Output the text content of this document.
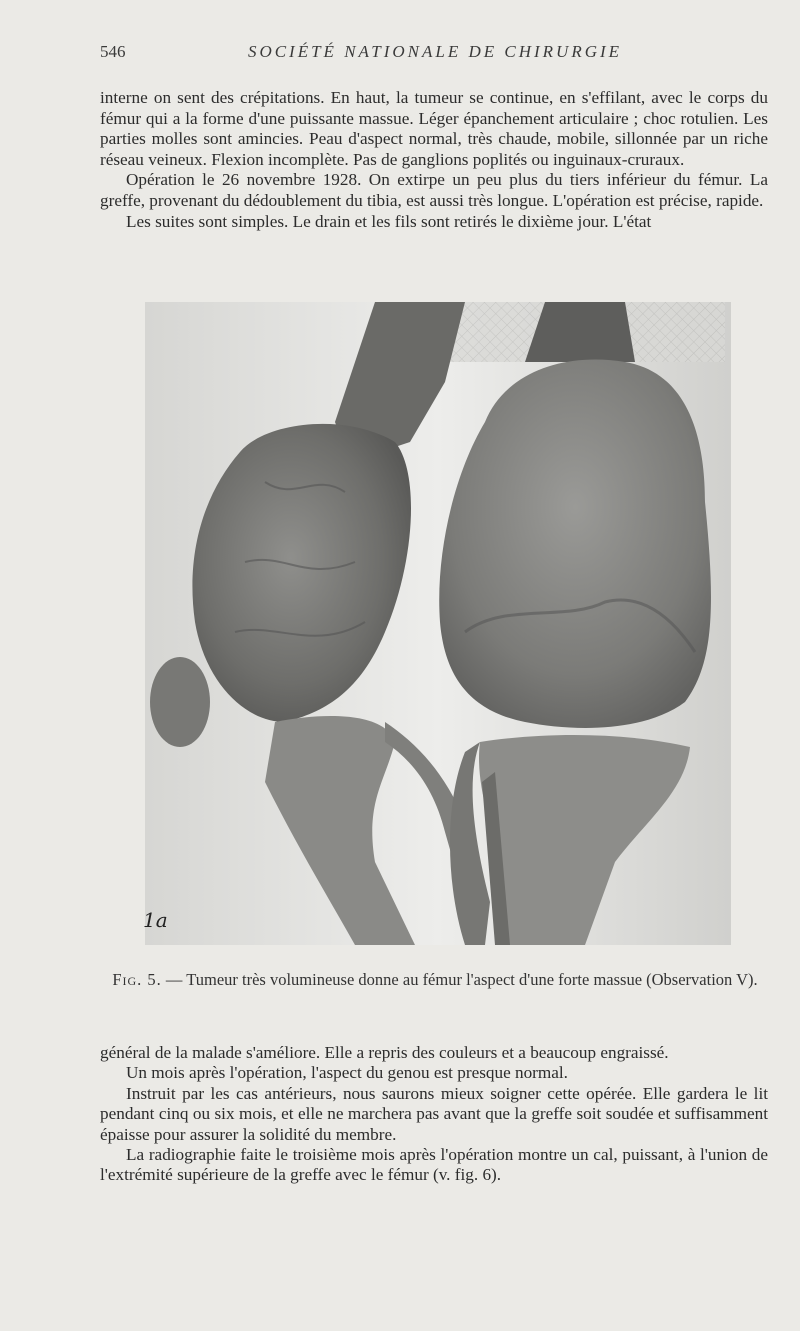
546	SOCIÉTÉ NATIONALE DE CHIRURGIE

interne on sent des crépitations. En haut, la tumeur se continue, en s'effilant, avec le corps du fémur qui a la forme d'une puissante massue. Léger épanchement articulaire ; choc rotulien. Les parties molles sont amincies. Peau d'aspect normal, très chaude, mobile, sillonnée par un riche réseau veineux. Flexion incomplète. Pas de ganglions poplités ou inguinaux-cruraux.

Opération le 26 novembre 1928. On extirpe un peu plus du tiers inférieur du fémur. La greffe, provenant du dédoublement du tibia, est aussi très longue. L'opération est précise, rapide.

Les suites sont simples. Le drain et les fils sont retirés le dixième jour. L'état

1a
Fig. 5. — Tumeur très volumineuse donne au fémur l'aspect d'une forte massue (Observation V).

général de la malade s'améliore. Elle a repris des couleurs et a beaucoup engraissé.

Un mois après l'opération, l'aspect du genou est presque normal.

Instruit par les cas antérieurs, nous saurons mieux soigner cette opérée. Elle gardera le lit pendant cinq ou six mois, et elle ne marchera pas avant que la greffe soit soudée et suffisamment épaisse pour assurer la solidité du membre.

La radiographie faite le troisième mois après l'opération montre un cal, puissant, à l'union de l'extrémité supérieure de la greffe avec le fémur (v. fig. 6).
